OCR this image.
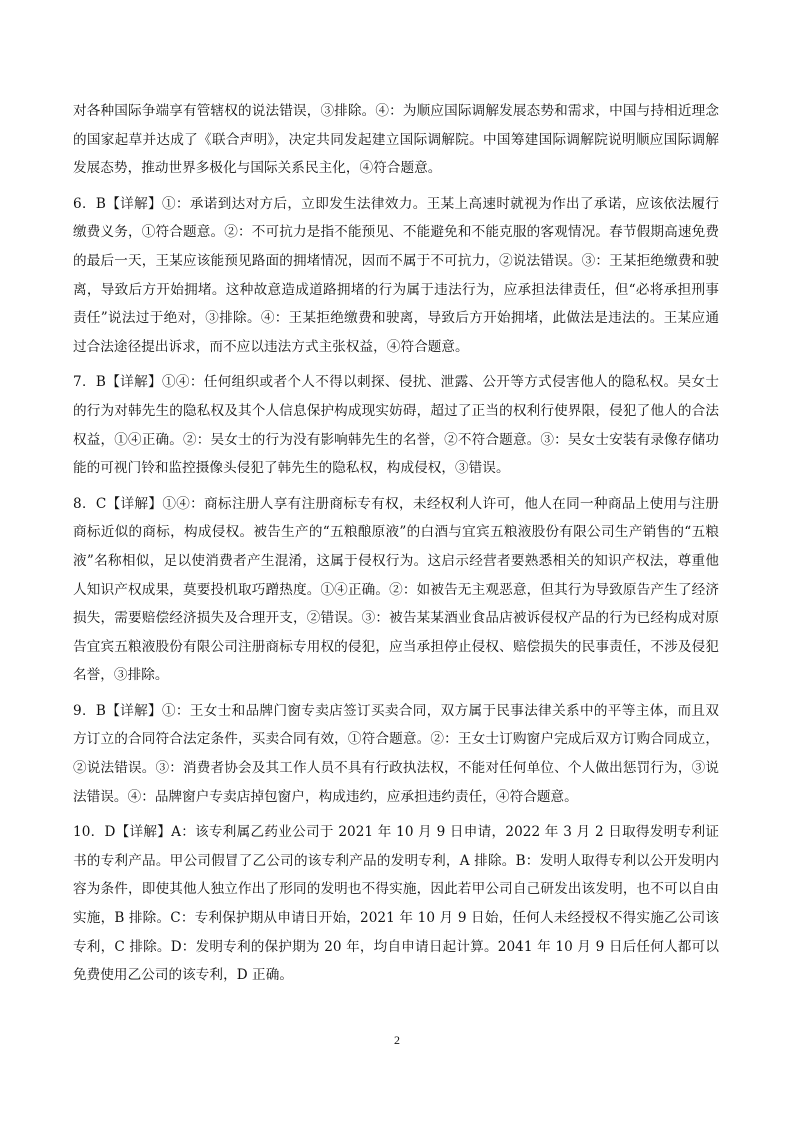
对各种国际争端享有管辖权的说法错误，③排除。④：为顺应国际调解发展态势和需求，中国与持相近理念的国家起草并达成了《联合声明》，决定共同发起建立国际调解院。中国筹建国际调解院说明顺应国际调解发展态势，推动世界多极化与国际关系民主化，④符合题意。

6．B【详解】①：承诺到达对方后，立即发生法律效力。王某上高速时就视为作出了承诺，应该依法履行缴费义务，①符合题意。②：不可抗力是指不能预见、不能避免和不能克服的客观情况。春节假期高速免费的最后一天，王某应该能预见路面的拥堵情况，因而不属于不可抗力，②说法错误。③：王某拒绝缴费和驶离，导致后方开始拥堵。这种故意造成道路拥堵的行为属于违法行为，应承担法律责任，但“必将承担刑事责任”说法过于绝对，③排除。④：王某拒绝缴费和驶离，导致后方开始拥堵，此做法是违法的。王某应通过合法途径提出诉求，而不应以违法方式主张权益，④符合题意。

7．B【详解】①④：任何组织或者个人不得以刺探、侵扰、泄露、公开等方式侵害他人的隐私权。吴女士的行为对韩先生的隐私权及其个人信息保护构成现实妨碍，超过了正当的权利行使界限，侵犯了他人的合法权益，①④正确。②：吴女士的行为没有影响韩先生的名誉，②不符合题意。③：吴女士安装有录像存储功能的可视门铃和监控摄像头侵犯了韩先生的隐私权，构成侵权，③错误。

8．C【详解】①④：商标注册人享有注册商标专有权，未经权利人许可，他人在同一种商品上使用与注册商标近似的商标，构成侵权。被告生产的“五粮酿原液”的白酒与宜宾五粮液股份有限公司生产销售的“五粮液”名称相似，足以使消费者产生混淆，这属于侵权行为。这启示经营者要熟悉相关的知识产权法，尊重他人知识产权成果，莫要投机取巧蹭热度。①④正确。②：如被告无主观恶意，但其行为导致原告产生了经济损失，需要赔偿经济损失及合理开支，②错误。③：被告某某酒业食品店被诉侵权产品的行为已经构成对原告宜宾五粮液股份有限公司注册商标专用权的侵犯，应当承担停止侵权、赔偿损失的民事责任，不涉及侵犯名誉，③排除。

9．B【详解】①：王女士和品牌门窗专卖店签订买卖合同，双方属于民事法律关系中的平等主体，而且双方订立的合同符合法定条件，买卖合同有效，①符合题意。②：王女士订购窗户完成后双方订购合同成立，②说法错误。③：消费者协会及其工作人员不具有行政执法权，不能对任何单位、个人做出惩罚行为，③说法错误。④：品牌窗户专卖店掉包窗户，构成违约，应承担违约责任，④符合题意。

10．D【详解】A：该专利属乙药业公司于 2021 年 10 月 9 日申请，2022 年 3 月 2 日取得发明专利证书的专利产品。甲公司假冒了乙公司的该专利产品的发明专利，A 排除。B：发明人取得专利以公开发明内容为条件，即使其他人独立作出了形同的发明也不得实施，因此若甲公司自己研发出该发明，也不可以自由实施，B 排除。C：专利保护期从申请日开始，2021 年 10 月 9 日始，任何人未经授权不得实施乙公司该专利，C 排除。D：发明专利的保护期为 20 年，均自申请日起计算。2041 年 10 月 9 日后任何人都可以免费使用乙公司的该专利，D 正确。

2
